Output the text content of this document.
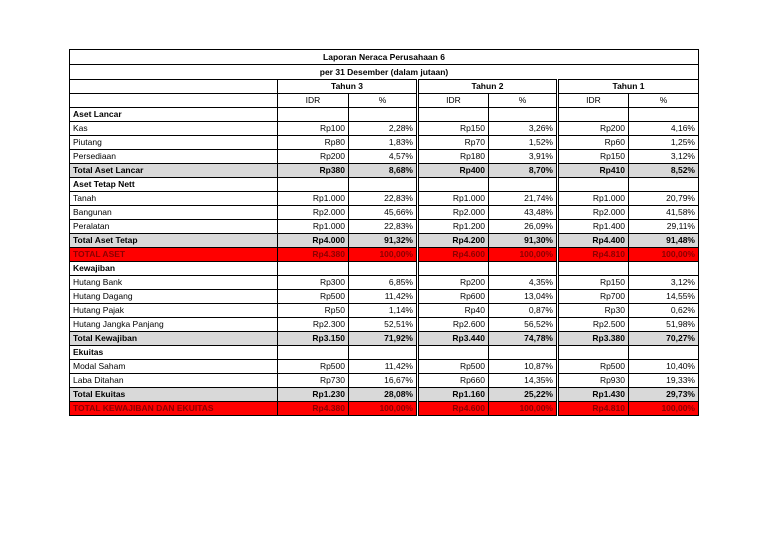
Laporan Neraca Perusahaan 6						
per 31 Desember (dalam jutaan)						
	Tahun 3		Tahun 2		Tahun 1	
	IDR	%	IDR	%	IDR	%
Aset Lancar						
Kas	Rp100	2,28%	Rp150	3,26%	Rp200	4,16%
Piutang	Rp80	1,83%	Rp70	1,52%	Rp60	1,25%
Persediaan	Rp200	4,57%	Rp180	3,91%	Rp150	3,12%
Total Aset Lancar	Rp380	8,68%	Rp400	8,70%	Rp410	8,52%
Aset Tetap Nett						
Tanah	Rp1.000	22,83%	Rp1.000	21,74%	Rp1.000	20,79%
Bangunan	Rp2.000	45,66%	Rp2.000	43,48%	Rp2.000	41,58%
Peralatan	Rp1.000	22,83%	Rp1.200	26,09%	Rp1.400	29,11%
Total Aset Tetap	Rp4.000	91,32%	Rp4.200	91,30%	Rp4.400	91,48%
TOTAL ASET	Rp4.380	100,00%	Rp4.600	100,00%	Rp4.810	100,00%
Kewajiban						
Hutang Bank	Rp300	6,85%	Rp200	4,35%	Rp150	3,12%
Hutang Dagang	Rp500	11,42%	Rp600	13,04%	Rp700	14,55%
Hutang Pajak	Rp50	1,14%	Rp40	0,87%	Rp30	0,62%
Hutang Jangka Panjang	Rp2.300	52,51%	Rp2.600	56,52%	Rp2.500	51,98%
Total Kewajiban	Rp3.150	71,92%	Rp3.440	74,78%	Rp3.380	70,27%
Ekuitas						
Modal Saham	Rp500	11,42%	Rp500	10,87%	Rp500	10,40%
Laba Ditahan	Rp730	16,67%	Rp660	14,35%	Rp930	19,33%
Total Ekuitas	Rp1.230	28,08%	Rp1.160	25,22%	Rp1.430	29,73%
TOTAL KEWAJIBAN DAN EKUITAS	Rp4.380	100,00%	Rp4.600	100,00%	Rp4.810	100,00%
